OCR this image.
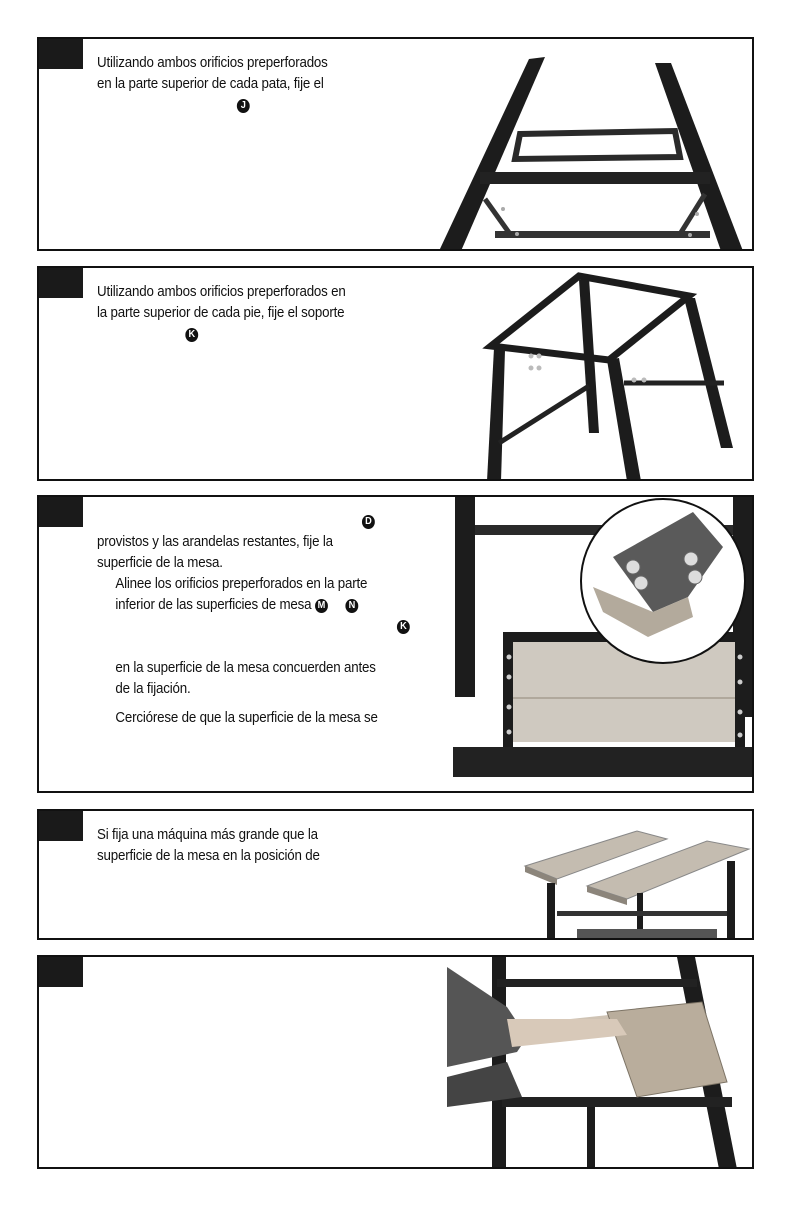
Utilizando ambos orificios preperforados
en la parte superior de cada pata, fije el
J
Utilizando ambos orificios preperforados en
la parte superior de cada pie, fije el soporte
K
D
provistos y las arandelas restantes, fije la
superficie de la mesa.
Alinee los orificios preperforados en la parte
inferior de las superficies de mesa M N
K
en la superficie de la mesa concuerden antes
de la fijación.
Cerciórese de que la superficie de la mesa se
Si fija una máquina más grande que la
superficie de la mesa en la posición de
